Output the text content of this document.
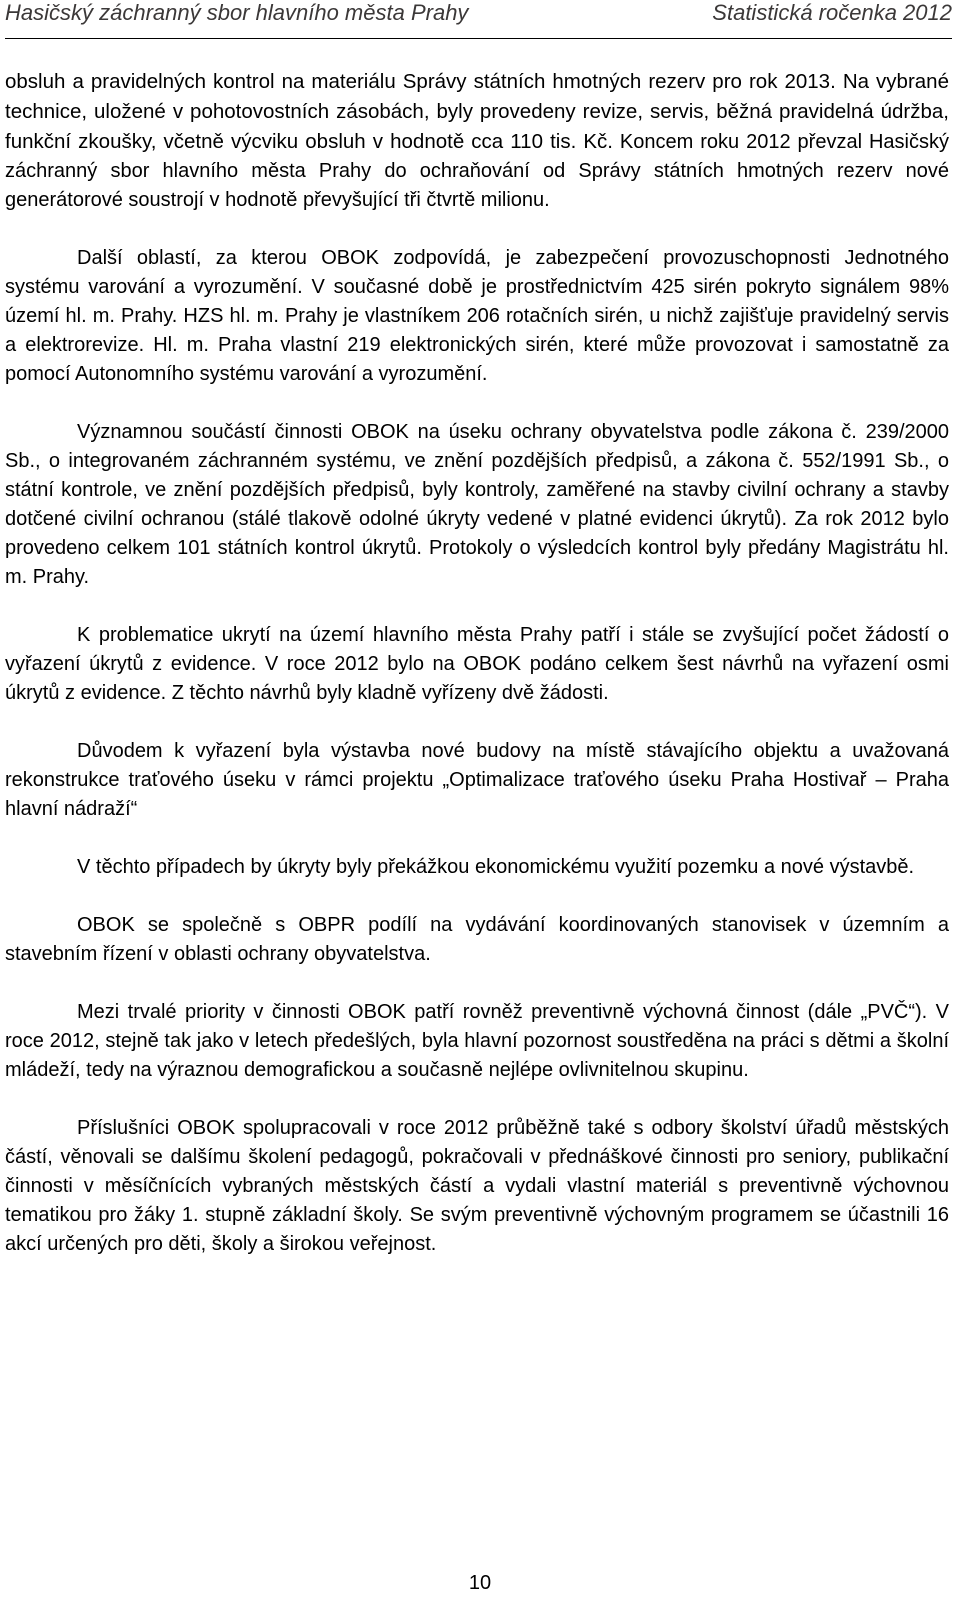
Hasičský záchranný sbor hlavního města Prahy	Statistická ročenka 2012

obsluh a pravidelných kontrol na materiálu Správy státních hmotných rezerv pro rok 2013. Na vybrané technice, uložené v pohotovostních zásobách, byly provedeny revize, servis, běžná pravidelná údržba, funkční zkoušky, včetně výcviku obsluh v hodnotě cca 110 tis. Kč. Koncem roku 2012 převzal Hasičský záchranný sbor hlavního města Prahy do ochraňování od Správy státních hmotných rezerv nové generátorové soustrojí v hodnotě převyšující tři čtvrtě milionu.

Další oblastí, za kterou OBOK zodpovídá, je zabezpečení provozuschopnosti Jednotného systému varování a vyrozumění. V současné době je prostřednictvím 425 sirén pokryto signálem 98% území hl. m. Prahy. HZS hl. m. Prahy je vlastníkem 206 rotačních sirén, u nichž zajišťuje pravidelný servis a elektrorevize. Hl. m. Praha vlastní 219 elektronických sirén, které může provozovat i samostatně za pomocí Autonomního systému varování a vyrozumění.

Významnou součástí činnosti OBOK na úseku ochrany obyvatelstva podle zákona č. 239/2000 Sb., o integrovaném záchranném systému, ve znění pozdějších předpisů, a zákona č. 552/1991 Sb., o státní kontrole, ve znění pozdějších předpisů, byly kontroly, zaměřené na stavby civilní ochrany a stavby dotčené civilní ochranou (stálé tlakově odolné úkryty vedené v platné evidenci úkrytů). Za rok 2012 bylo provedeno celkem 101 státních kontrol úkrytů. Protokoly o výsledcích kontrol byly předány Magistrátu hl. m. Prahy.

K problematice ukrytí na území hlavního města Prahy patří i stále se zvyšující počet žádostí o vyřazení úkrytů z evidence. V roce 2012 bylo na OBOK podáno celkem šest návrhů na vyřazení osmi úkrytů z evidence. Z těchto návrhů byly kladně vyřízeny dvě žádosti.

Důvodem k vyřazení byla výstavba nové budovy na místě stávajícího objektu a uvažovaná rekonstrukce traťového úseku v rámci projektu „Optimalizace traťového úseku Praha Hostivař – Praha hlavní nádraží“

V těchto případech by úkryty byly překážkou ekonomickému využití pozemku a nové výstavbě.

OBOK se společně s OBPR podílí na vydávání koordinovaných stanovisek v územním a stavebním řízení v oblasti ochrany obyvatelstva.

Mezi trvalé priority v činnosti OBOK patří rovněž preventivně výchovná činnost (dále „PVČ“). V roce 2012, stejně tak jako v letech předešlých, byla hlavní pozornost soustředěna na práci s dětmi a školní mládeží, tedy na výraznou demografickou a současně nejlépe ovlivnitelnou skupinu.

Příslušníci OBOK spolupracovali v roce 2012 průběžně také s odbory školství úřadů městských částí, věnovali se dalšímu školení pedagogů, pokračovali v přednáškové činnosti pro seniory, publikační činnosti v měsíčnících vybraných městských částí a vydali vlastní materiál s preventivně výchovnou tematikou pro žáky 1. stupně základní školy. Se svým preventivně výchovným programem se účastnili 16 akcí určených pro děti, školy a širokou veřejnost.

10
